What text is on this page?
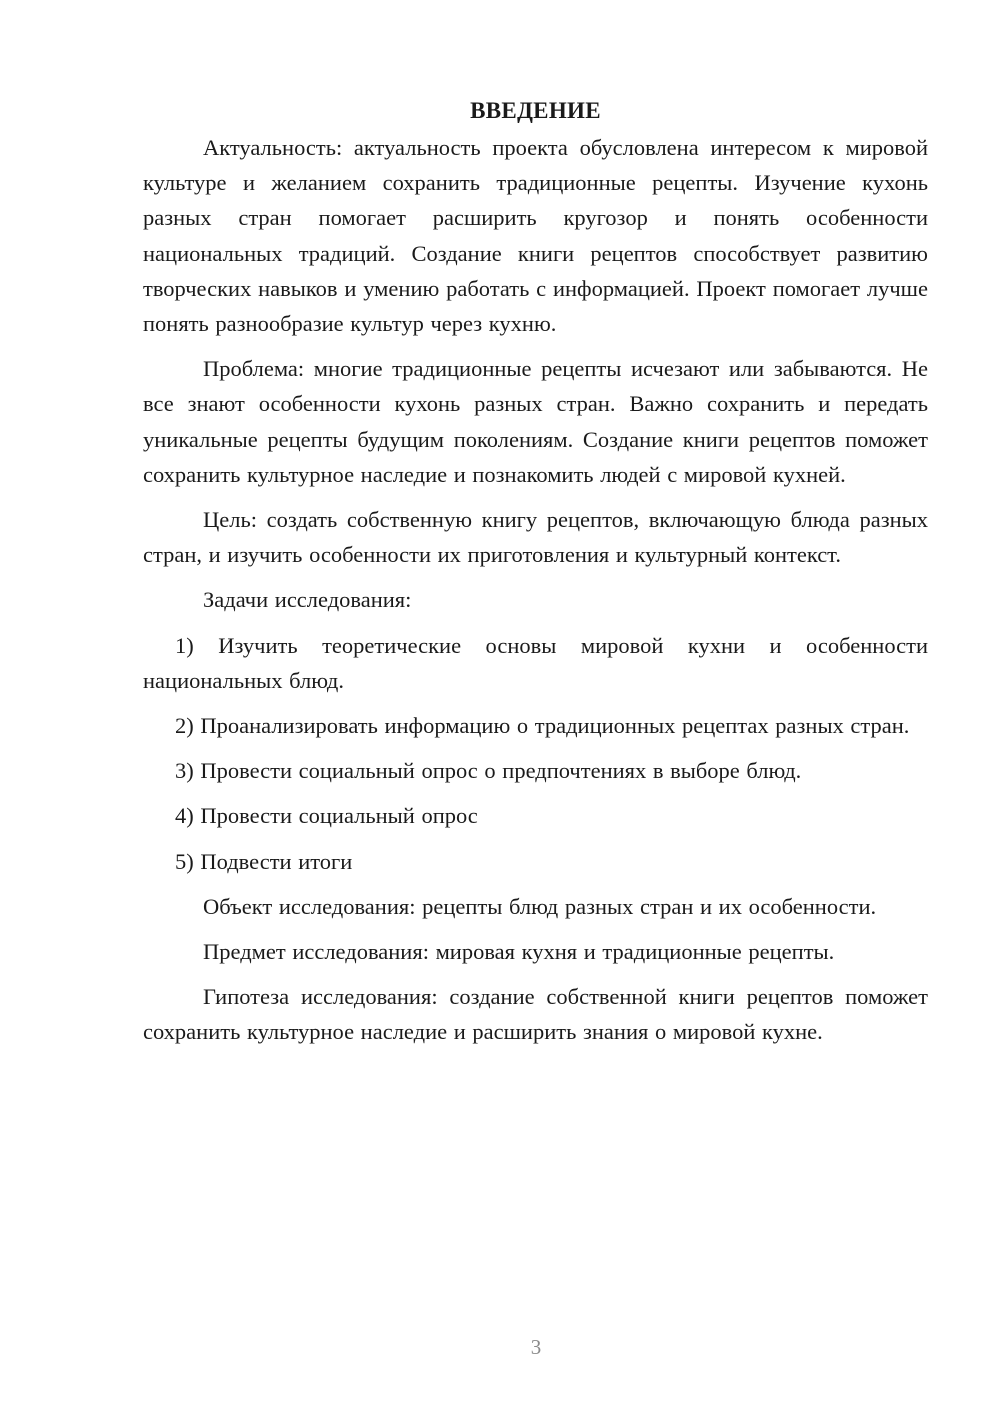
ВВЕДЕНИЕ

Актуальность: актуальность проекта обусловлена интересом к мировой культуре и желанием сохранить традиционные рецепты. Изучение кухонь разных стран помогает расширить кругозор и понять особенности национальных традиций. Создание книги рецептов способствует развитию творческих навыков и умению работать с информацией. Проект помогает лучше понять разнообразие культур через кухню.

Проблема: многие традиционные рецепты исчезают или забываются. Не все знают особенности кухонь разных стран. Важно сохранить и передать уникальные рецепты будущим поколениям. Создание книги рецептов поможет сохранить культурное наследие и познакомить людей с мировой кухней.

Цель: создать собственную книгу рецептов, включающую блюда разных стран, и изучить особенности их приготовления и культурный контекст.

Задачи исследования:

1) Изучить теоретические основы мировой кухни и особенности национальных блюд.

2) Проанализировать информацию о традиционных рецептах разных стран.

3) Провести социальный опрос о предпочтениях в выборе блюд.

4) Провести социальный опрос

5) Подвести итоги

Объект исследования: рецепты блюд разных стран и их особенности.

Предмет исследования: мировая кухня и традиционные рецепты.

Гипотеза исследования: создание собственной книги рецептов поможет сохранить культурное наследие и расширить знания о мировой кухне.

3
